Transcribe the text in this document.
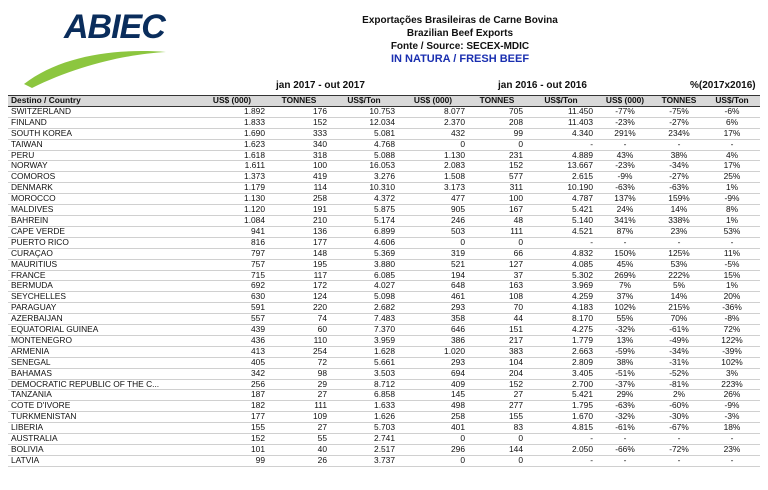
ABIEC	Exportações Brasileiras de Carne Bovina
Brazilian Beef Exports
Fonte / Source: SECEX-MDIC
IN NATURA / FRESH BEEF
jan 2017 - out 2017	jan 2016 - out 2016	%(2017x2016)
Destino / Country	US$ (000)	TONNES	US$/Ton	US$ (000)	TONNES	US$/Ton	US$ (000)	TONNES	US$/Ton
SWITZERLAND	1.892	176	10.753	8.077	705	11.450	-77%	-75%	-6%
FINLAND	1.833	152	12.034	2.370	208	11.403	-23%	-27%	6%
SOUTH KOREA	1.690	333	5.081	432	99	4.340	291%	234%	17%
TAIWAN	1.623	340	4.768	0	0	-	-	-	-
PERU	1.618	318	5.088	1.130	231	4.889	43%	38%	4%
NORWAY	1.611	100	16.053	2.083	152	13.667	-23%	-34%	17%
COMOROS	1.373	419	3.276	1.508	577	2.615	-9%	-27%	25%
DENMARK	1.179	114	10.310	3.173	311	10.190	-63%	-63%	1%
MOROCCO	1.130	258	4.372	477	100	4.787	137%	159%	-9%
MALDIVES	1.120	191	5.875	905	167	5.421	24%	14%	8%
BAHREIN	1.084	210	5.174	246	48	5.140	341%	338%	1%
CAPE VERDE	941	136	6.899	503	111	4.521	87%	23%	53%
PUERTO RICO	816	177	4.606	0	0	-	-	-	-
CURAÇAO	797	148	5.369	319	66	4.832	150%	125%	11%
MAURITIUS	757	195	3.880	521	127	4.085	45%	53%	-5%
FRANCE	715	117	6.085	194	37	5.302	269%	222%	15%
BERMUDA	692	172	4.027	648	163	3.969	7%	5%	1%
SEYCHELLES	630	124	5.098	461	108	4.259	37%	14%	20%
PARAGUAY	591	220	2.682	293	70	4.183	102%	215%	-36%
AZERBAIJAN	557	74	7.483	358	44	8.170	55%	70%	-8%
EQUATORIAL GUINEA	439	60	7.370	646	151	4.275	-32%	-61%	72%
MONTENEGRO	436	110	3.959	386	217	1.779	13%	-49%	122%
ARMENIA	413	254	1.628	1.020	383	2.663	-59%	-34%	-39%
SENEGAL	405	72	5.661	293	104	2.809	38%	-31%	102%
BAHAMAS	342	98	3.503	694	204	3.405	-51%	-52%	3%
DEMOCRATIC REPUBLIC OF THE C...	256	29	8.712	409	152	2.700	-37%	-81%	223%
TANZANIA	187	27	6.858	145	27	5.421	29%	2%	26%
COTE D'IVORE	182	111	1.633	498	277	1.795	-63%	-60%	-9%
TURKMENISTAN	177	109	1.626	258	155	1.670	-32%	-30%	-3%
LIBERIA	155	27	5.703	401	83	4.815	-61%	-67%	18%
AUSTRALIA	152	55	2.741	0	0	-	-	-	-
BOLIVIA	101	40	2.517	296	144	2.050	-66%	-72%	23%
LATVIA	99	26	3.737	0	0	-	-	-	-
